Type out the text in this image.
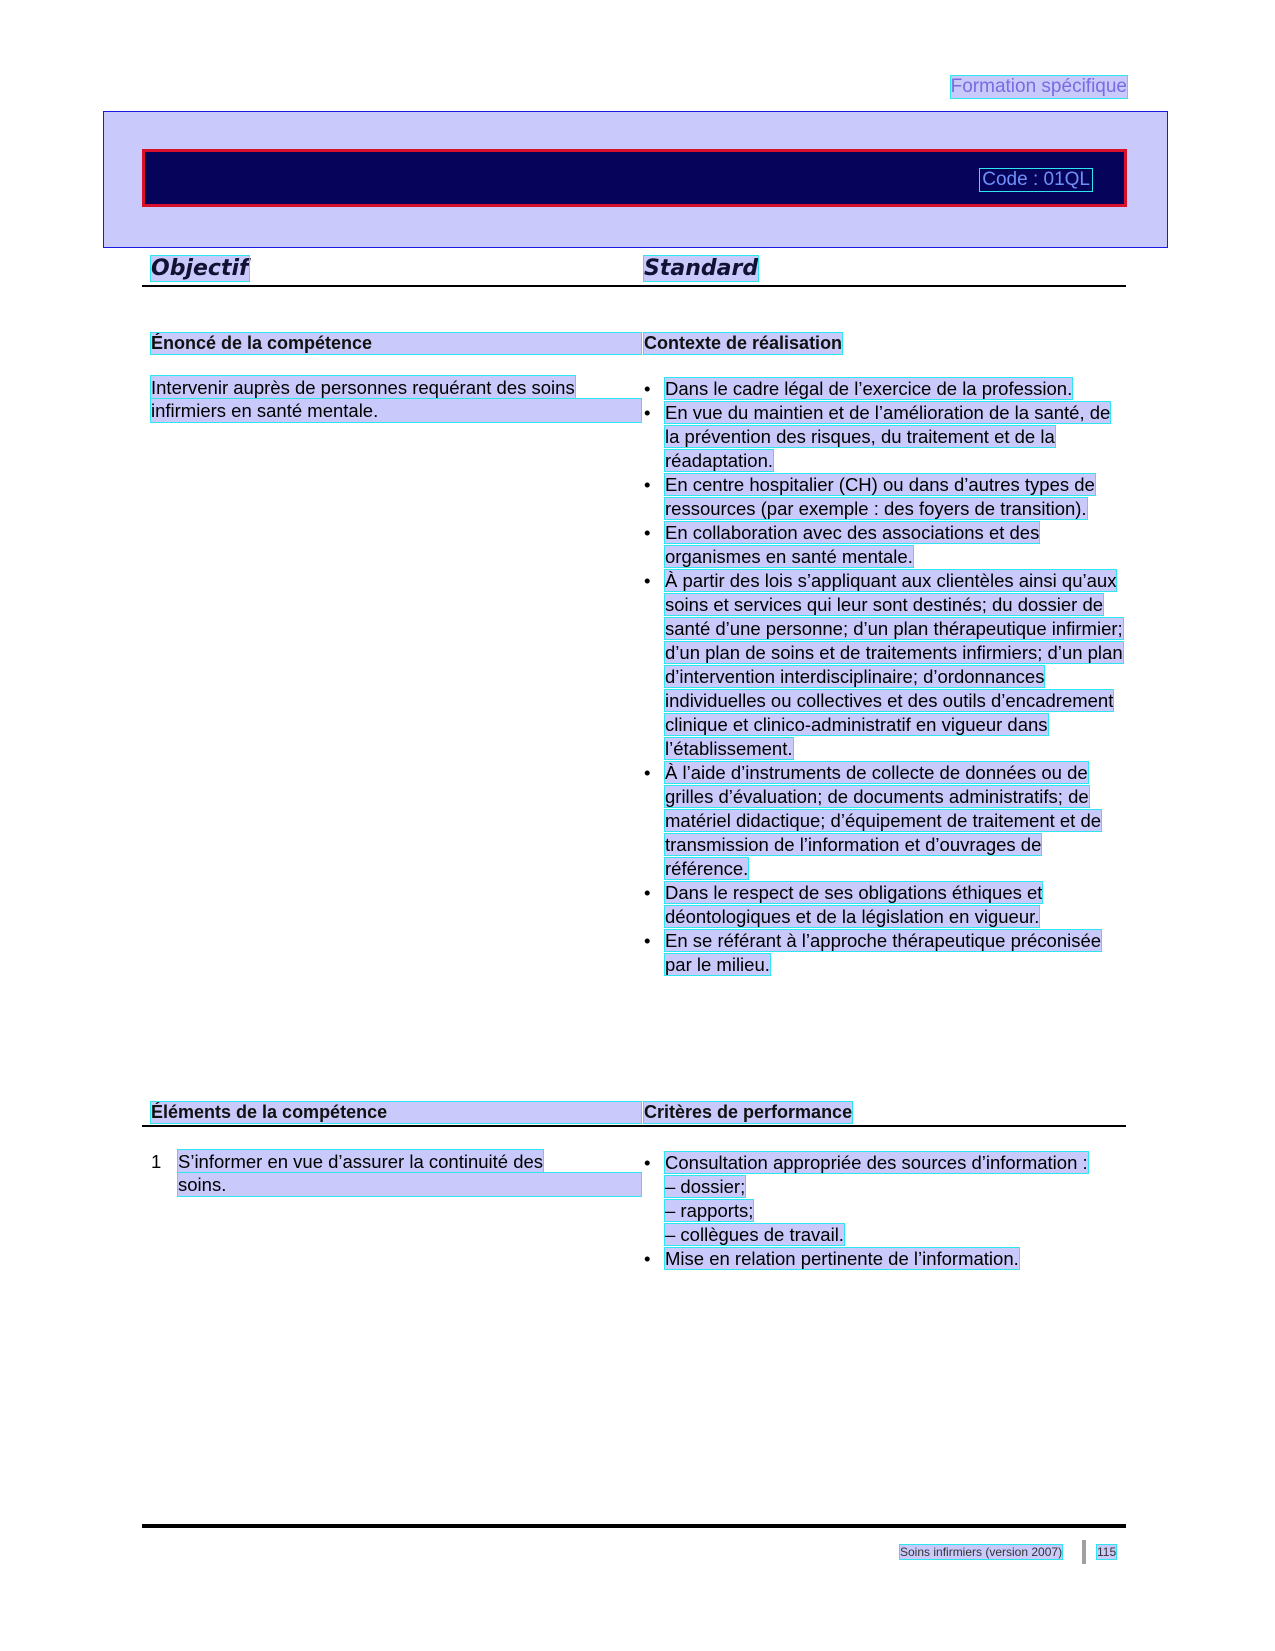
Formation spécifique
Code : 01QL
Objectif	Standard
Énoncé de la compétence	Contexte de réalisation
Intervenir auprès de personnes requérant des soins
infirmiers en santé mentale.
• Dans le cadre légal de l’exercice de la profession.
• En vue du maintien et de l’amélioration de la santé, de la prévention des risques, du traitement et de la réadaptation.
• En centre hospitalier (CH) ou dans d’autres types de ressources (par exemple : des foyers de transition).
• En collaboration avec des associations et des organismes en santé mentale.
• À partir des lois s’appliquant aux clientèles ainsi qu’aux soins et services qui leur sont destinés; du dossier de santé d’une personne; d’un plan thérapeutique infirmier; d’un plan de soins et de traitements infirmiers; d’un plan d’intervention interdisciplinaire; d’ordonnances individuelles ou collectives et des outils d’encadrement clinique et clinico-administratif en vigueur dans l’établissement.
• À l’aide d’instruments de collecte de données ou de grilles d’évaluation; de documents administratifs; de matériel didactique; d’équipement de traitement et de transmission de l’information et d’ouvrages de référence.
• Dans le respect de ses obligations éthiques et déontologiques et de la législation en vigueur.
• En se référant à l’approche thérapeutique préconisée par le milieu.
Éléments de la compétence	Critères de performance
1 S’informer en vue d’assurer la continuité des
soins.
• Consultation appropriée des sources d’information :
– dossier;
– rapports;
– collègues de travail.
• Mise en relation pertinente de l’information.
Soins infirmiers (version 2007)	115
